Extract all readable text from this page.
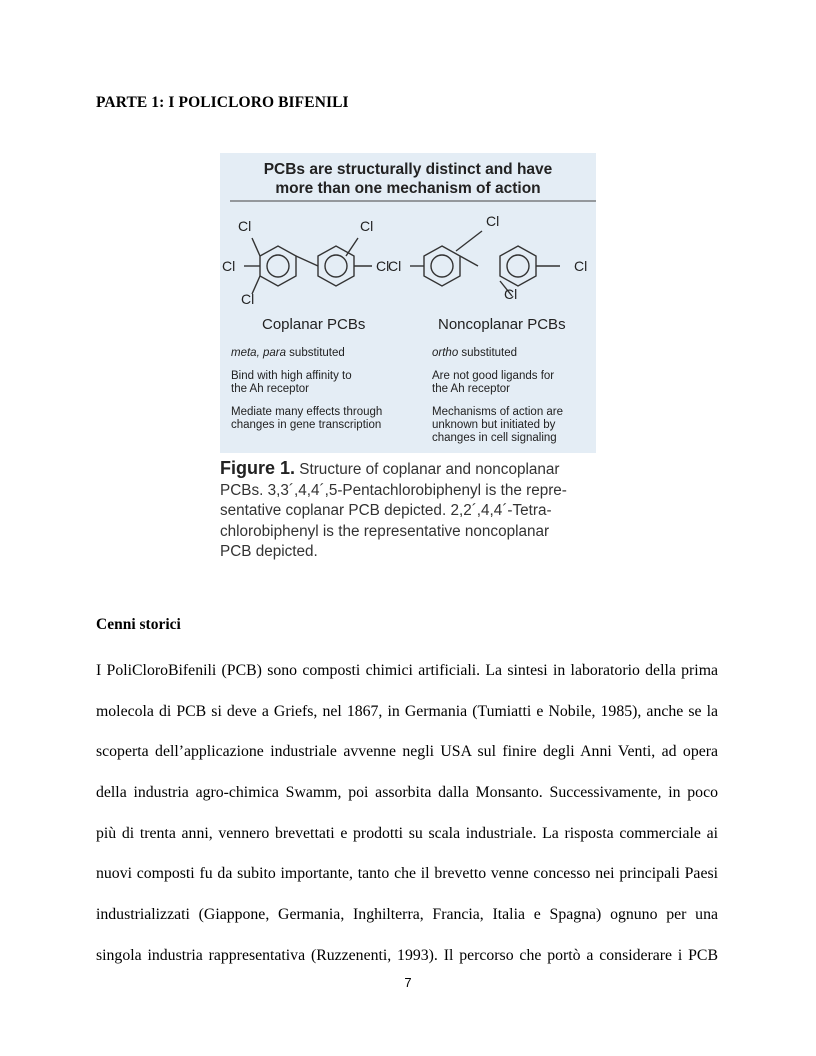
PARTE 1: I POLICLORO BIFENILI
Cl
Cl
Cl
Cl
Cl
Cl
Cl
Cl
Cl
PCBs are structurally distinct and have
more than one mechanism of action
Coplanar PCBs	Noncoplanar PCBs
meta, para substituted
Bind with high affinity to
the Ah receptor
Mediate many effects through
changes in gene transcription
ortho substituted
Are not good ligands for
the Ah receptor
Mechanisms of action are
unknown but initiated by
changes in cell signaling
Figure 1. Structure of coplanar and noncoplanar
PCBs. 3,3´,4,4´,5-Pentachlorobiphenyl is the repre-
sentative coplanar PCB depicted. 2,2´,4,4´-Tetra-
chlorobiphenyl is the representative noncoplanar
PCB depicted.
Cenni storici
I PoliCloroBifenili (PCB) sono composti chimici artificiali. La sintesi in laboratorio della prima
molecola di PCB si deve a Griefs, nel 1867, in Germania (Tumiatti e Nobile, 1985), anche se la
scoperta dell’applicazione industriale avvenne negli USA sul finire degli Anni Venti, ad opera
della industria agro-chimica Swamm, poi assorbita dalla Monsanto. Successivamente, in poco
più di trenta anni, vennero brevettati e prodotti su scala industriale. La risposta commerciale ai
nuovi composti fu da subito importante, tanto che il brevetto venne concesso nei principali Paesi
industrializzati (Giappone, Germania, Inghilterra, Francia, Italia e Spagna) ognuno per una
singola industria rappresentativa (Ruzzenenti, 1993). Il percorso che portò a considerare i PCB
7
